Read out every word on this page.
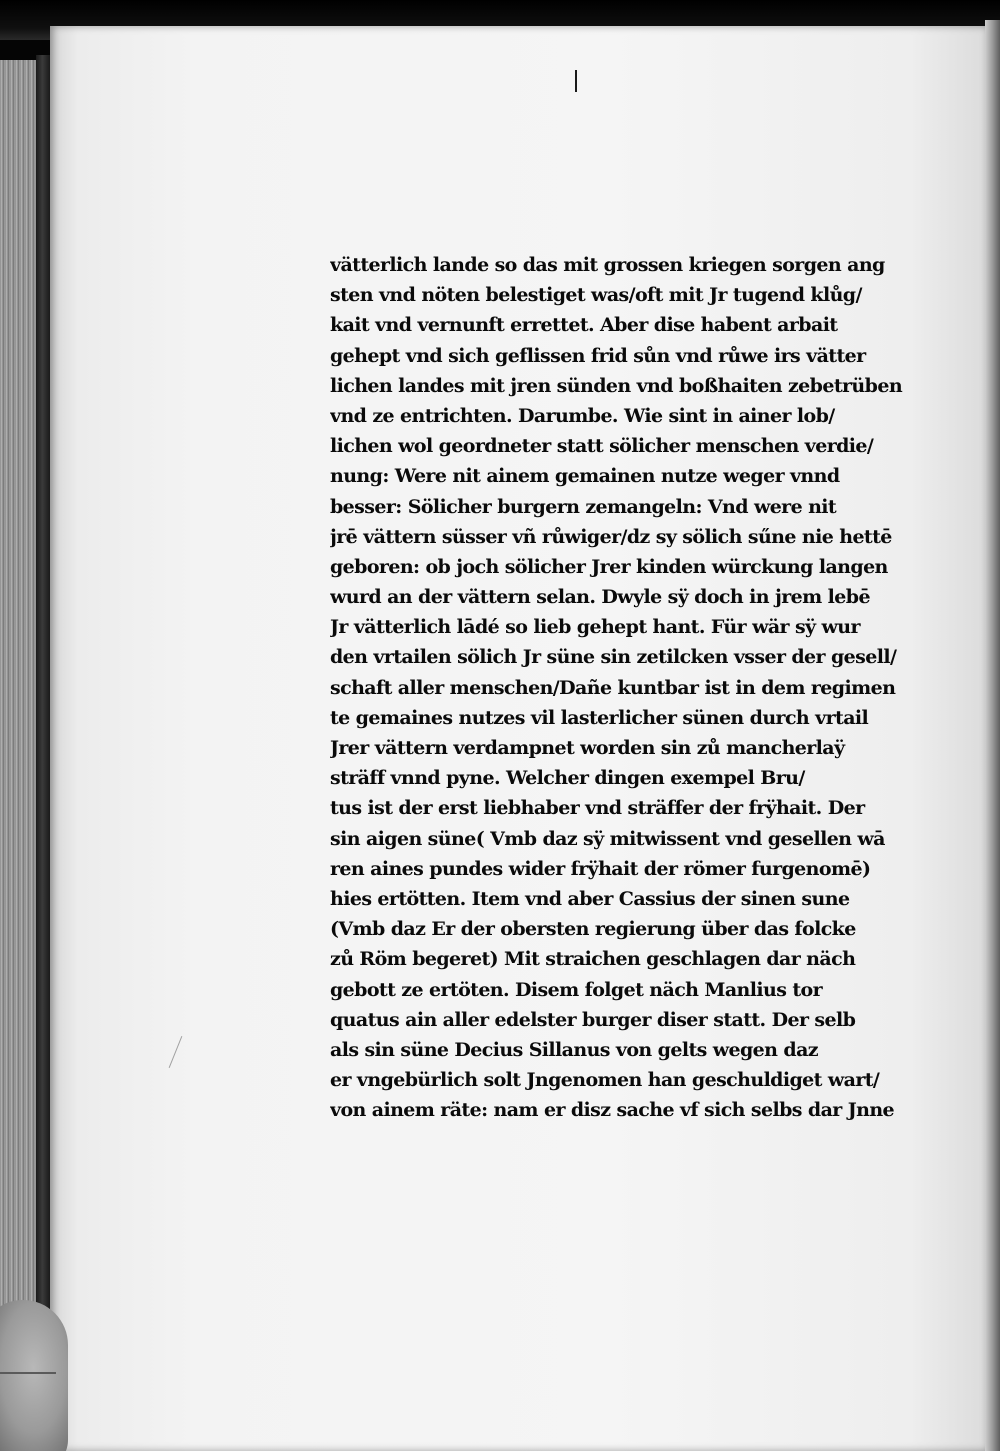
vätterlich lande so das mit grossen kriegen sorgen ang
sten vnd nöten belestiget was/oft mit Jr tugend klůg/
kait vnd vernunft errettet. Aber dise habent arbait
gehept vnd sich geflissen frid sůn vnd růwe irs vätter
lichen landes mit jren sünden vnd boßhaiten zebetrüben
vnd ze entrichten. Darumbe. Wie sint in ainer lob/
lichen wol geordneter statt sölicher menschen verdie/
nung: Were nit ainem gemainen nutze weger vnnd
besser: Sölicher burgern zemangeln: Vnd were nit
jrē vättern süsser vñ růwiger/dz sy sölich sűne nie hettē
geboren: ob joch sölicher Jrer kinden würckung langen
wurd an der vättern selan. Dwyle sÿ doch in jrem lebē
Jr vätterlich lādé so lieb gehept hant. Für wär sÿ wur
den vrtailen sölich Jr süne sin zetilcken vsser der gesell/
schaft aller menschen/Dañe kuntbar ist in dem regimen
te gemaines nutzes vil lasterlicher sünen durch vrtail
Jrer vättern verdampnet worden sin zů mancherlaÿ
sträff vnnd pyne. Welcher dingen exempel Bru/
tus ist der erst liebhaber vnd sträffer der frÿhait. Der
sin aigen süne( Vmb daz sÿ mitwissent vnd gesellen wā
ren aines pundes wider frÿhait der römer furgenomē)
hies ertötten. Item vnd aber Cassius der sinen sune
(Vmb daz Er der obersten regierung über das folcke
zů Röm begeret) Mit straichen geschlagen dar näch
gebott ze ertöten. Disem folget näch Manlius tor
quatus ain aller edelster burger diser statt. Der selb
als sin süne Decius Sillanus von gelts wegen daz
er vngebürlich solt Jngenomen han geschuldiget wart/
von ainem räte: nam er disz sache vf sich selbs dar Jnne
